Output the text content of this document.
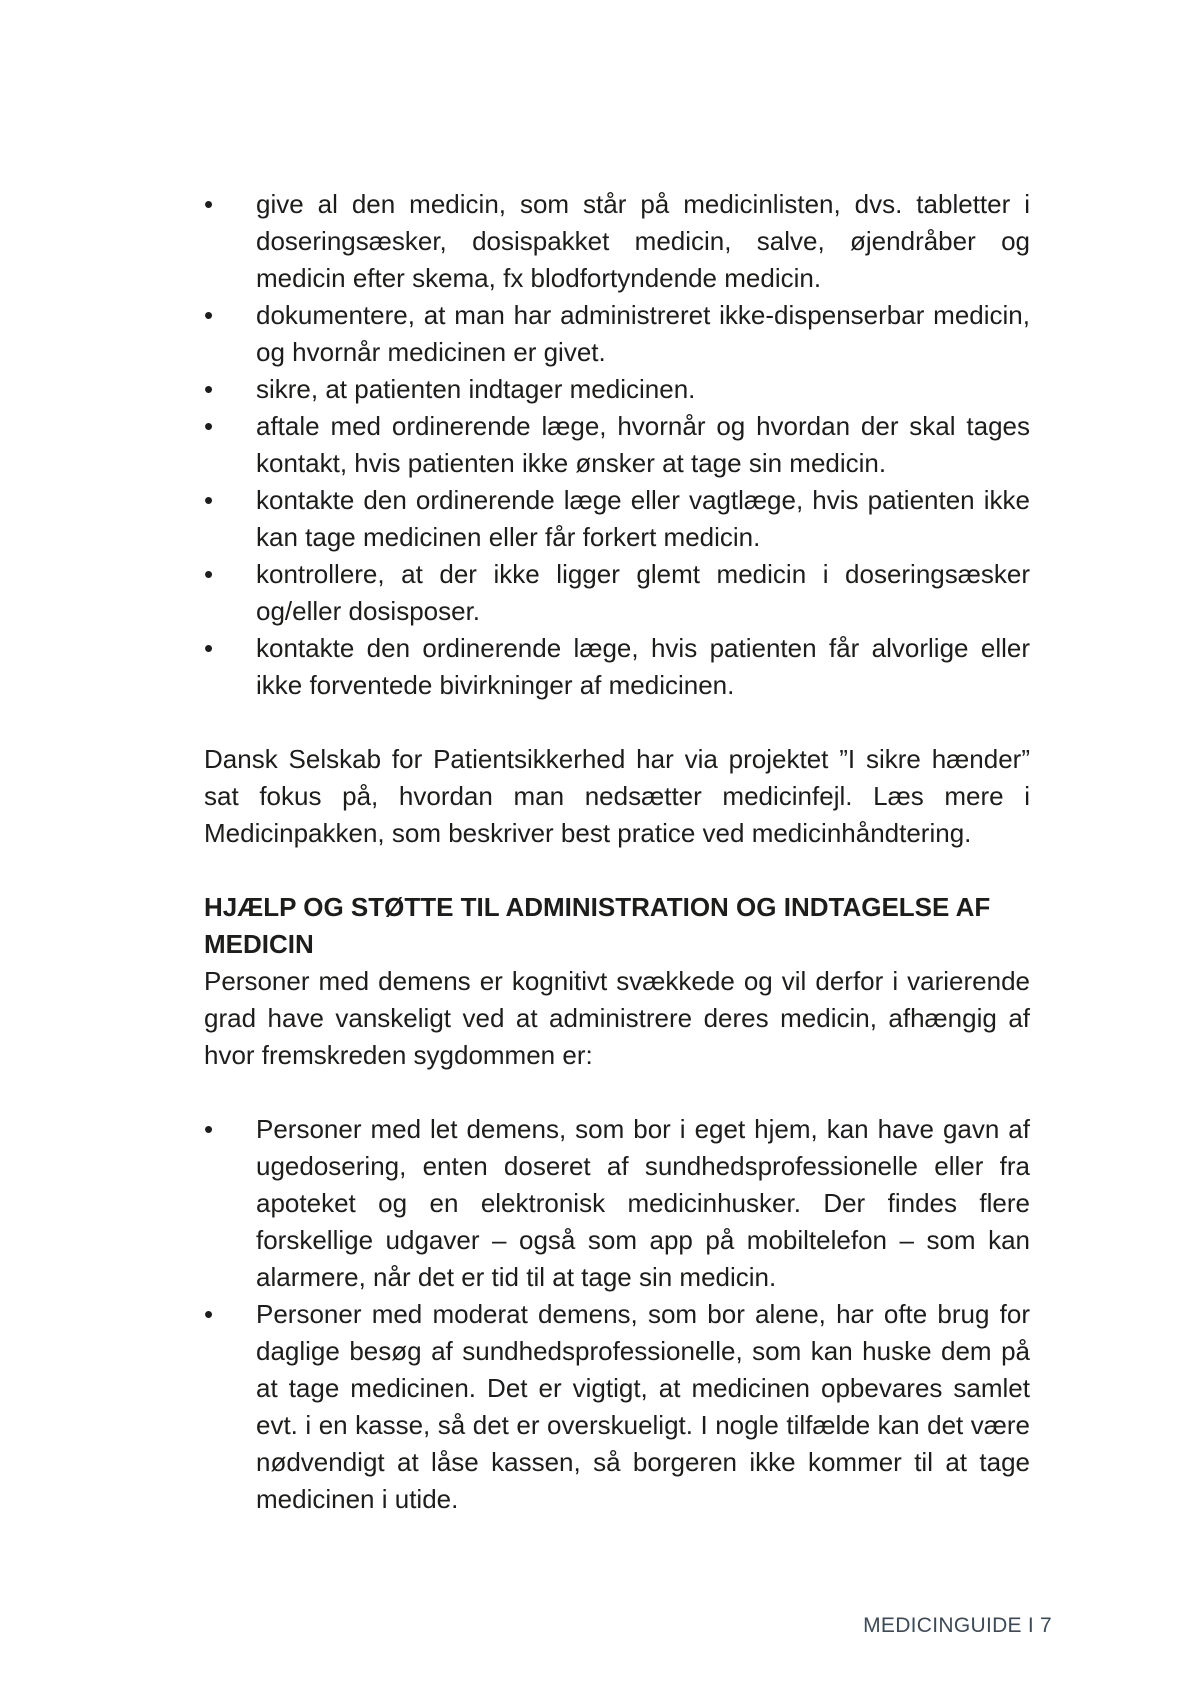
• give al den medicin, som står på medicinlisten, dvs. tabletter i doseringsæsker, dosispakket medicin, salve, øjendråber og medicin efter skema, fx blodfortyndende medicin.
• dokumentere, at man har administreret ikke-dispenserbar medicin, og hvornår medicinen er givet.
• sikre, at patienten indtager medicinen.
• aftale med ordinerende læge, hvornår og hvordan der skal tages kontakt, hvis patienten ikke ønsker at tage sin medicin.
• kontakte den ordinerende læge eller vagtlæge, hvis patienten ikke kan tage medicinen eller får forkert medicin.
• kontrollere, at der ikke ligger glemt medicin i doseringsæsker og/eller dosisposer.
• kontakte den ordinerende læge, hvis patienten får alvorlige eller ikke forventede bivirkninger af medicinen.

Dansk Selskab for Patientsikkerhed har via projektet ”I sikre hænder” sat fokus på, hvordan man nedsætter medicinfejl. Læs mere i Medicinpakken, som beskriver best pratice ved medicinhåndtering.

HJÆLP OG STØTTE TIL ADMINISTRATION OG INDTAGELSE AF MEDICIN

Personer med demens er kognitivt svækkede og vil derfor i varierende grad have vanskeligt ved at administrere deres medicin, afhængig af hvor fremskreden sygdommen er:

• Personer med let demens, som bor i eget hjem, kan have gavn af ugedosering, enten doseret af sundhedsprofessionelle eller fra apoteket og en elektronisk medicinhusker. Der findes flere forskellige udgaver – også som app på mobiltelefon – som kan alarmere, når det er tid til at tage sin medicin.
• Personer med moderat demens, som bor alene, har ofte brug for daglige besøg af sundhedsprofessionelle, som kan huske dem på at tage medicinen. Det er vigtigt, at medicinen opbevares samlet evt. i en kasse, så det er overskueligt. I nogle tilfælde kan det være nødvendigt at låse kassen, så borgeren ikke kommer til at tage medicinen i utide.
MEDICINGUIDE I 7
